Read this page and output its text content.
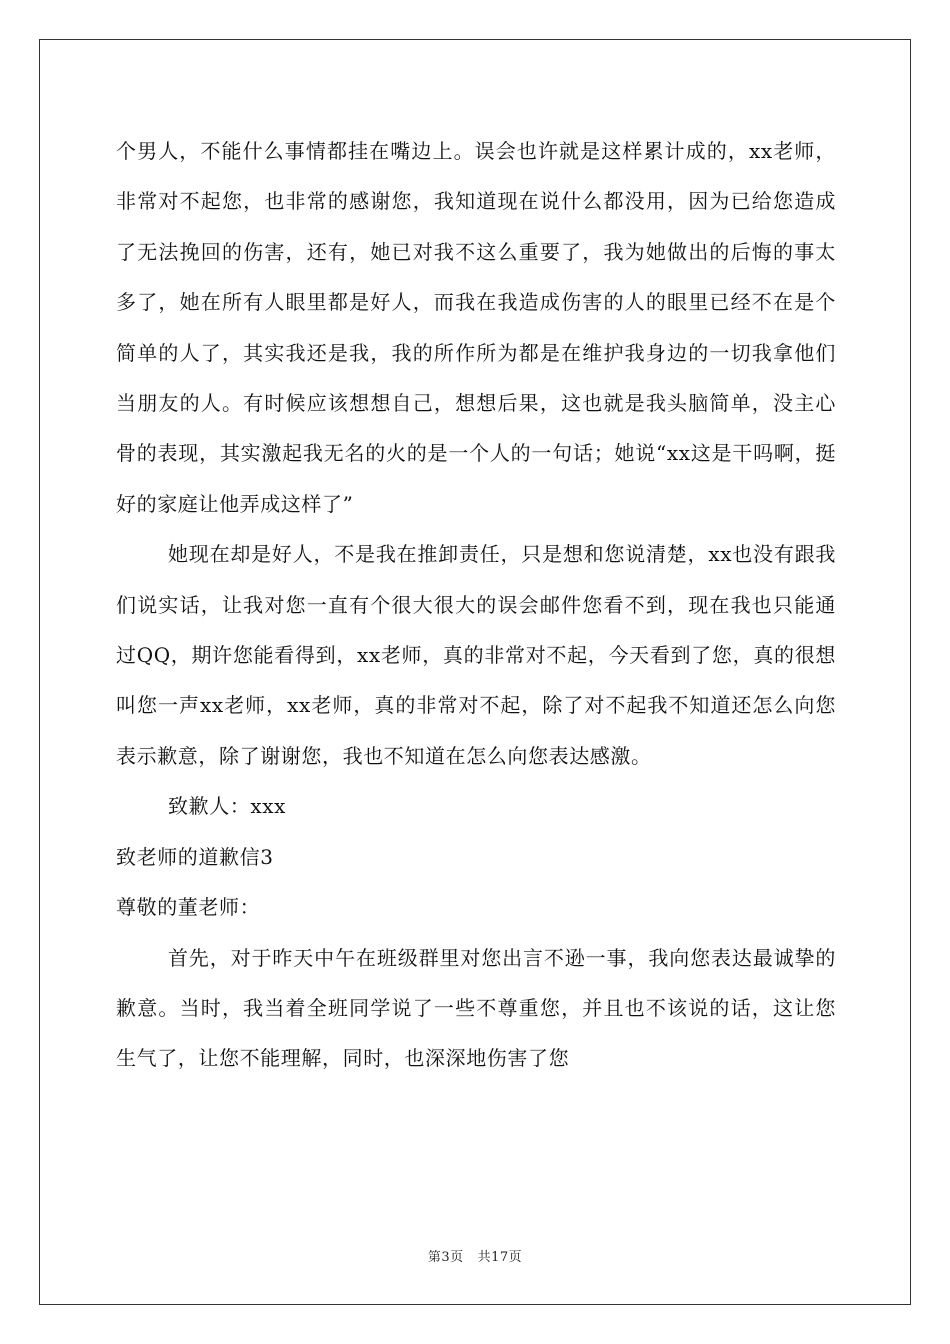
个男人，不能什么事情都挂在嘴边上。误会也许就是这样累计成的，xx老师，非常对不起您，也非常的感谢您，我知道现在说什么都没用，因为已给您造成了无法挽回的伤害，还有，她已对我不这么重要了，我为她做出的后悔的事太多了，她在所有人眼里都是好人，而我在我造成伤害的人的眼里已经不在是个简单的人了，其实我还是我，我的所作所为都是在维护我身边的一切我拿他们当朋友的人。有时候应该想想自己，想想后果，这也就是我头脑简单，没主心骨的表现，其实激起我无名的火的是一个人的一句话；她说“xx这是干吗啊，挺好的家庭让他弄成这样了”

她现在却是好人，不是我在推卸责任，只是想和您说清楚，xx也没有跟我们说实话，让我对您一直有个很大很大的误会邮件您看不到，现在我也只能通过QQ，期许您能看得到，xx老师，真的非常对不起，今天看到了您，真的很想叫您一声xx老师，xx老师，真的非常对不起，除了对不起我不知道还怎么向您表示歉意，除了谢谢您，我也不知道在怎么向您表达感激。

致歉人：xxx

致老师的道歉信3

尊敬的董老师：

首先，对于昨天中午在班级群里对您出言不逊一事，我向您表达最诚挚的歉意。当时，我当着全班同学说了一些不尊重您，并且也不该说的话，这让您生气了，让您不能理解，同时，也深深地伤害了您

第3页 共17页
